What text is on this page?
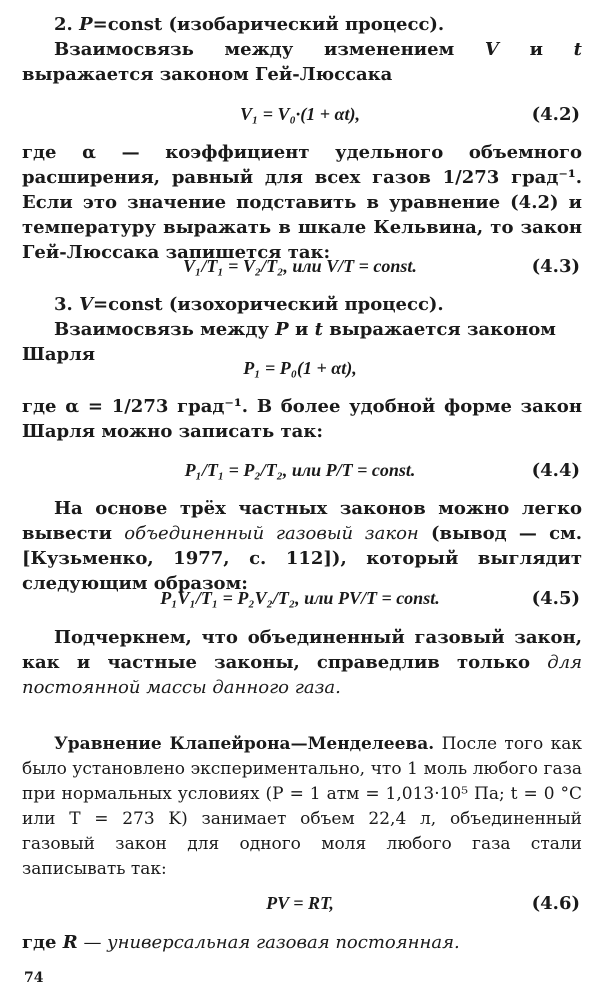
2. P=const (изобарический процесс).

Взаимосвязь между изменением V и t выражается законом Гей-Люссака

V₁ = V₀·(1 + αt),	(4.2)

где α — коэффициент удельного объемного расширения, равный для всех газов 1/273 град⁻¹. Если это значение подставить в уравнение (4.2) и температуру выражать в шкале Кельвина, то закон Гей-Люссака запишется так:

V₁/T₁ = V₂/T₂, или V/T = const.	(4.3)

3. V=const (изохорический процесс).

Взаимосвязь между P и t выражается законом Шарля

P₁ = P₀(1 + αt),

где α = 1/273 град⁻¹. В более удобной форме закон Шарля можно записать так:

P₁/T₁ = P₂/T₂, или P/T = const.	(4.4)

На основе трёх частных законов можно легко вывести объединенный газовый закон (вывод — см. [Кузьменко, 1977, с. 112]), который выглядит следующим образом:

P₁V₁/T₁ = P₂V₂/T₂, или PV/T = const.	(4.5)

Подчеркнем, что объединенный газовый закон, как и частные законы, справедлив только для постоянной массы данного газа.

Уравнение Клапейрона—Менделеева. После того как было установлено экспериментально, что 1 моль любого газа при нормальных условиях (P = 1 атм = 1,013·10⁵ Па; t = 0 °C или T = 273 K) занимает объем 22,4 л, объединенный газовый закон для одного моля любого газа стали записывать так:

PV = RT,	(4.6)

где R — универсальная газовая постоянная.

74
